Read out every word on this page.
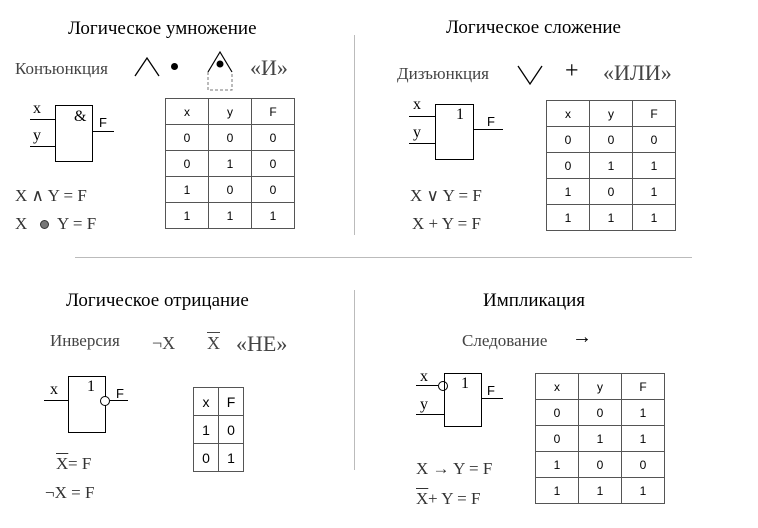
Логическое умножение
Конъюнкция	«И»
x
y
& F
X ∧ Y = F
X Y = F
x	y	F
0	0	0
0	1	0
1	0	0
1	1	1
Логическое сложение
Дизъюнкция	+ «ИЛИ»
x
y
1 F
X ∨ Y = F
X + Y = F
x	y	F
0	0	0
0	1	1
1	0	1
1	1	1
Логическое отрицание
Инверсия ¬X $\overline{X}$ «НЕ»
x 1 F
$\overline{X} = F$
¬X = F
x	F
1	0
0	1
Импликация
Следование →
x
y
1 F
X → Y = F
$\overline{X} + Y = F$
x	y	F
0	0	1
0	1	1
1	0	0
1	1	1
